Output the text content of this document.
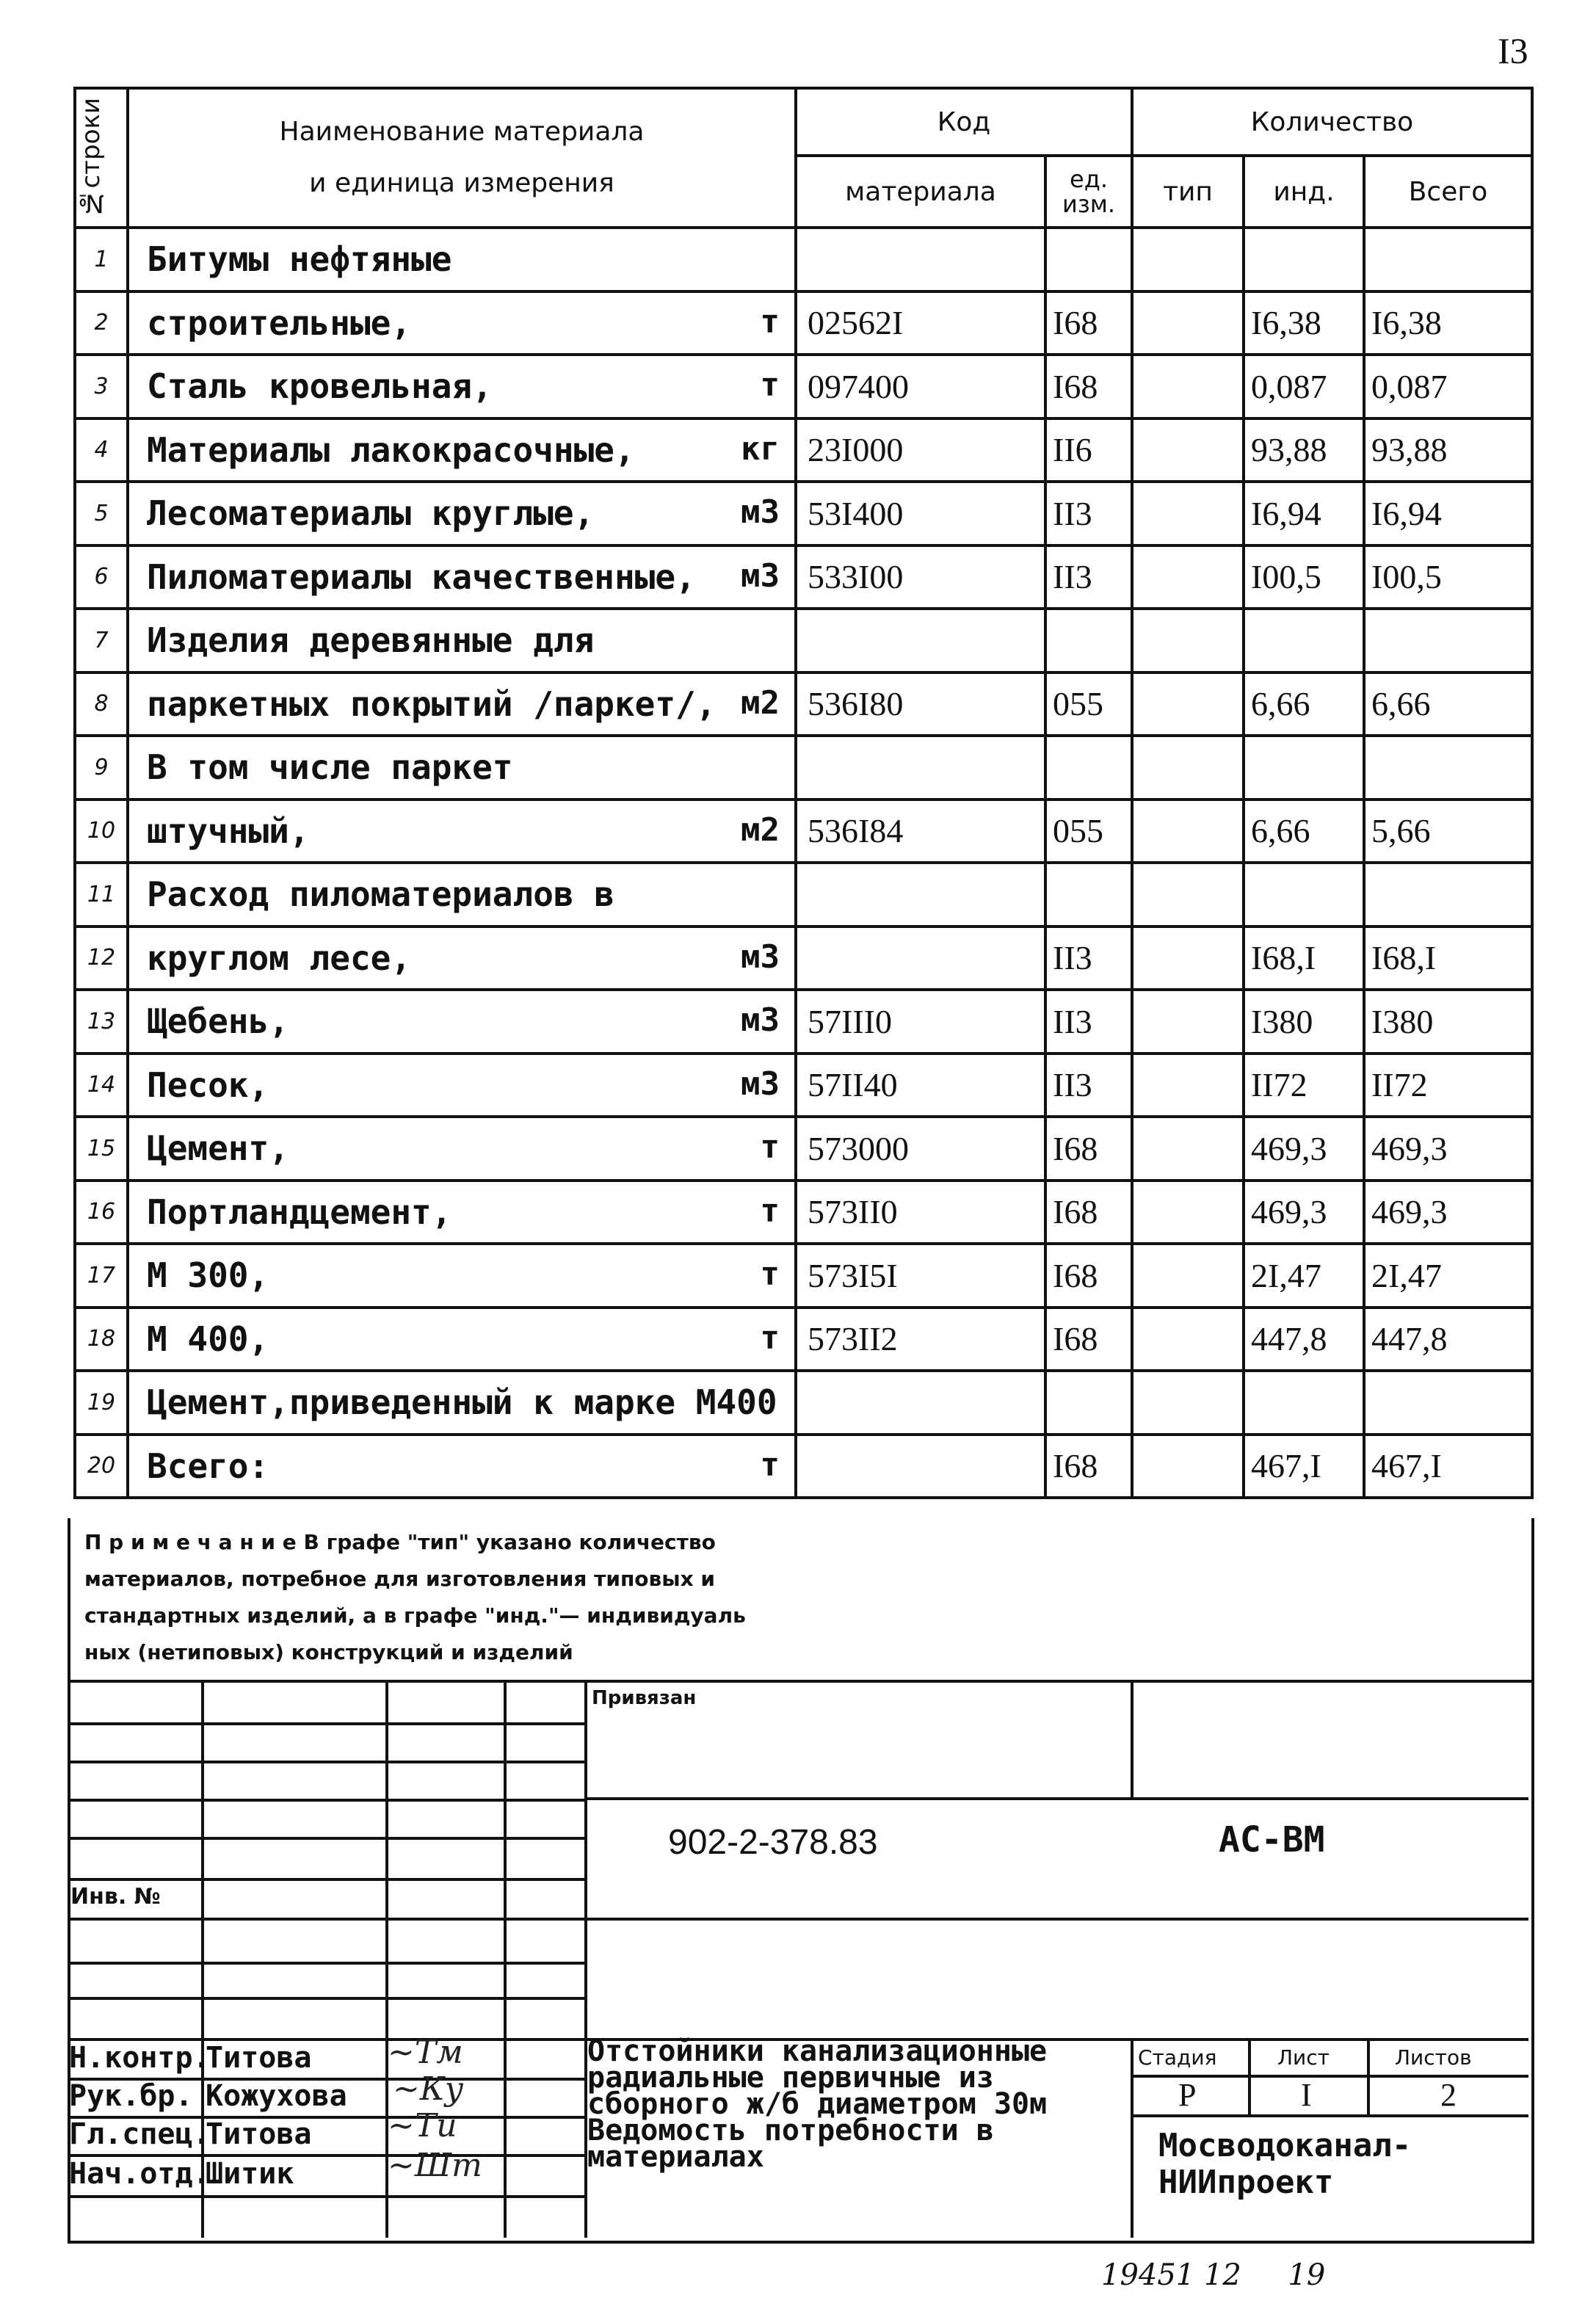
I3
№строки	Наименование материала
и единица измерения	Код		Количество		
		материала	ед. изм.	тип	инд.	Всего
1	Битумы нефтяные

2	строительные, т	02562I	I68		I6,38	I6,38
3	Сталь кровельная, т	097400	I68		0,087	0,087
4	Материалы лакокрасочные, кг	23I000	II6		93,88	93,88
5	Лесоматериалы круглые, м3	53I400	II3		I6,94	I6,94
6	Пиломатериалы качественные, м3	533I00	II3		I00,5	I00,5
7	Изделия деревянные для

8	паркетных покрытий /паркет/, м2	536I80	055		6,66	6,66
9	В том числе паркет

10	штучный, м2	536I84	055		6,66	5,66
11	Расход пиломатериалов в

12	круглом лесе, м3		II3		I68,I	I68,I
13	Щебень, м3	57III0	II3		I380	I380
14	Песок, м3	57II40	II3		II72	II72
15	Цемент, т	573000	I68		469,3	469,3
16	Портландцемент, т	573II0	I68		469,3	469,3
17	М 300, т	573I5I	I68		2I,47	2I,47
18	М 400, т	573II2	I68		447,8	447,8
19	Цемент,приведенный к марке М400

20	Всего: т		I68		467,I	467,I
П р и м е ч а н и е В графе "тип" указано количество
материалов, потребное для изготовления типовых и
стандартных изделий, а в графе "инд."— индивидуаль
ных (нетиповых) конструкций и изделий
Привязан
Инв. №
902-2-378.83	АС-ВМ
Н.контр.
Титова
Рук.бр. Кожухова
Гл.спец.
Титова
Нач.отд.
Шитик
~Тм
~Ку
~Ти
~Шт
Отстойники канализационные
радиальные первичные из
сборного ж/б диаметром 30м
Ведомость потребности в
материалах
Стадия	Лист	Листов
Р	I	2
Мосводоканал-
НИИпроект
19451 12     19
